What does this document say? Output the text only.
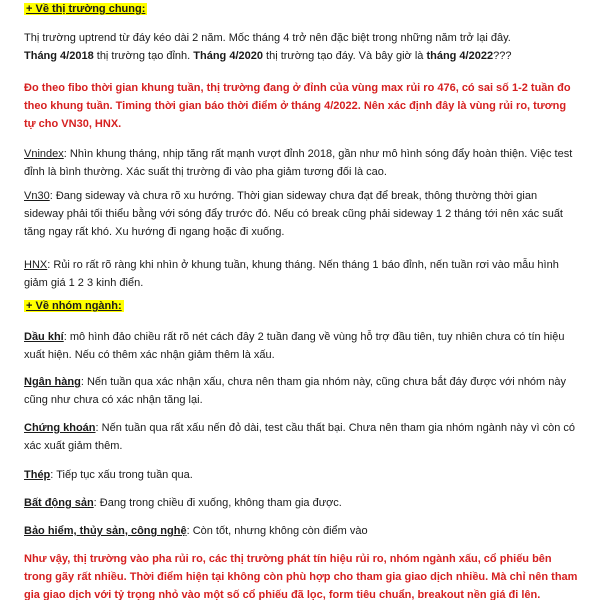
+ Về thị trường chung:

Thị trường uptrend từ đáy kéo dài 2 năm. Mốc tháng 4 trở nên đặc biệt trong những năm trở lại đây.
Tháng 4/2018 thị trường tạo đỉnh. Tháng 4/2020 thị trường tạo đáy. Và bây giờ là tháng 4/2022???

Đo theo fibo thời gian khung tuần, thị trường đang ở đỉnh của vùng max rủi ro 476, có sai số 1-2 tuần đo theo khung tuần. Timing thời gian báo thời điểm ở tháng 4/2022. Nên xác định đây là vùng rủi ro, tương tự cho VN30, HNX.

Vnindex: Nhìn khung tháng, nhịp tăng rất mạnh vượt đỉnh 2018, gần như mô hình sóng đẩy hoàn thiện. Việc test đỉnh là bình thường. Xác suất thị trường đi vào pha giảm tương đối là cao.

Vn30: Đang sideway và chưa rõ xu hướng. Thời gian sideway chưa đạt để break, thông thường thời gian sideway phải tối thiểu bằng với sóng đẩy trước đó. Nếu có break cũng phải sideway 1 2 tháng tới nên xác suất tăng ngay rất khó. Xu hướng đi ngang hoặc đi xuống.

HNX: Rủi ro rất rõ ràng khi nhìn ở khung tuần, khung tháng. Nến tháng 1 báo đỉnh, nến tuần rơi vào mẫu hình giảm giá 1 2 3 kinh điển.

+ Về nhóm ngành:

Dầu khí: mô hình đảo chiều rất rõ nét cách đây 2 tuần đang về vùng hỗ trợ đầu tiên, tuy nhiên chưa có tín hiệu xuất hiện. Nếu có thêm xác nhận giảm thêm là xấu.

Ngân hàng: Nến tuần qua xác nhận xấu, chưa nên tham gia nhóm này, cũng chưa bắt đáy được với nhóm này cũng như chưa có xác nhận tăng lại.

Chứng khoán: Nến tuần qua rất xấu nến đỏ dài, test cầu thất bại. Chưa nên tham gia nhóm ngành này vì còn có xác xuất giảm thêm.

Thép: Tiếp tục xấu trong tuần qua.

Bất động sản: Đang trong chiều đi xuống, không tham gia được.

Bảo hiểm, thủy sản, công nghệ: Còn tốt, nhưng không còn điểm vào

Như vậy, thị trường vào pha rủi ro, các thị trường phát tín hiệu rủi ro, nhóm ngành xấu, cổ phiếu bên trong gãy rất nhiều. Thời điểm hiện tại không còn phù hợp cho tham gia giao dịch nhiều. Mà chỉ nên tham gia giao dịch với tỷ trọng nhỏ vào một số cổ phiếu đã lọc, form tiêu chuẩn, breakout nền giá đi lên.
